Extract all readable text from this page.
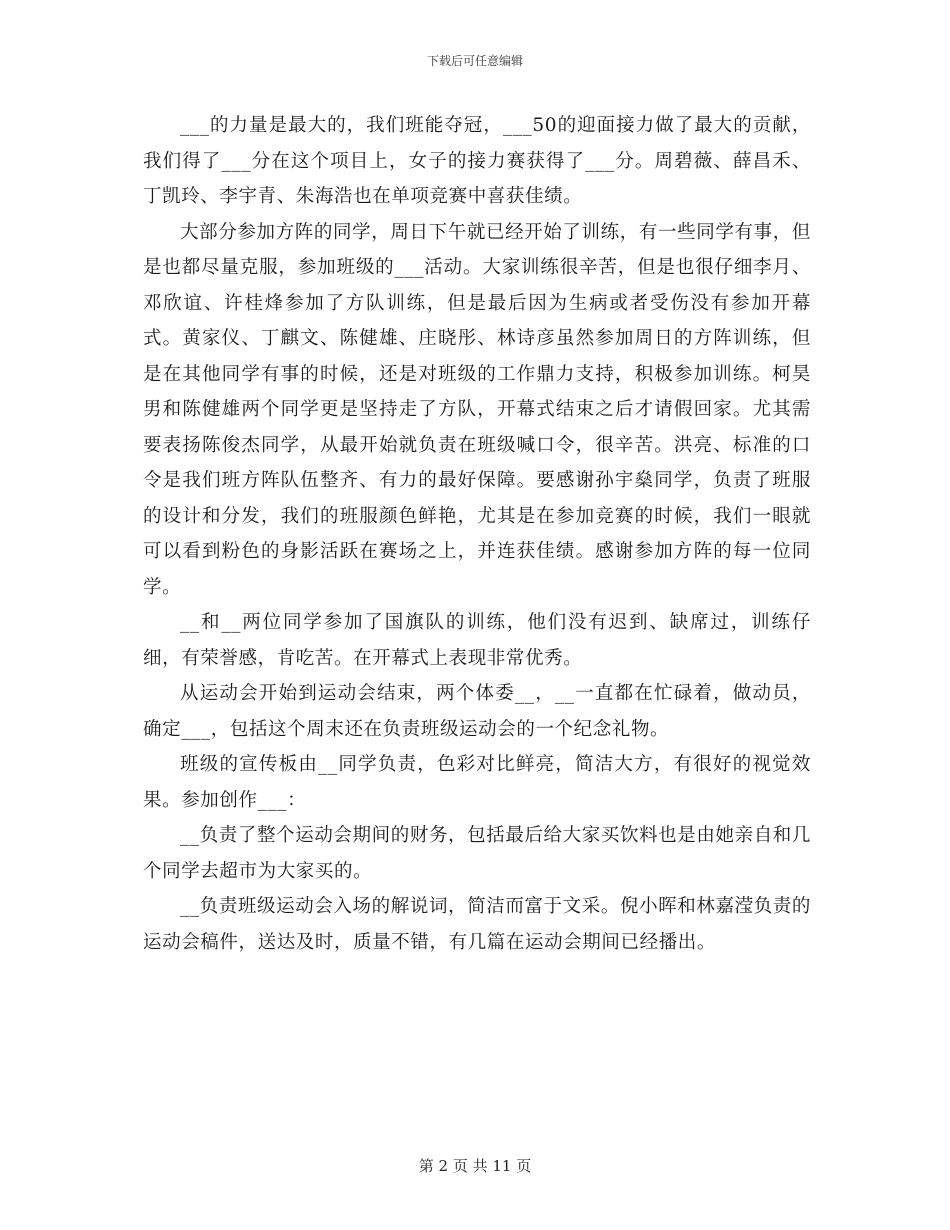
下载后可任意编辑

___的力量是最大的，我们班能夺冠，___50的迎面接力做了最大的贡献，我们得了___分在这个项目上，女子的接力赛获得了___分。周碧薇、薛昌禾、丁凯玲、李宇青、朱海浩也在单项竞赛中喜获佳绩。

大部分参加方阵的同学，周日下午就已经开始了训练，有一些同学有事，但是也都尽量克服，参加班级的___活动。大家训练很辛苦，但是也很仔细李月、邓欣谊、许桂烽参加了方队训练，但是最后因为生病或者受伤没有参加开幕式。黄家仪、丁麒文、陈健雄、庄晓彤、林诗彦虽然参加周日的方阵训练，但是在其他同学有事的时候，还是对班级的工作鼎力支持，积极参加训练。柯昊男和陈健雄两个同学更是坚持走了方队，开幕式结束之后才请假回家。尤其需要表扬陈俊杰同学，从最开始就负责在班级喊口令，很辛苦。洪亮、标准的口令是我们班方阵队伍整齐、有力的最好保障。要感谢孙宇燊同学，负责了班服的设计和分发，我们的班服颜色鲜艳，尤其是在参加竞赛的时候，我们一眼就可以看到粉色的身影活跃在赛场之上，并连获佳绩。感谢参加方阵的每一位同学。

__和__两位同学参加了国旗队的训练，他们没有迟到、缺席过，训练仔细，有荣誉感，肯吃苦。在开幕式上表现非常优秀。

从运动会开始到运动会结束，两个体委__，__一直都在忙碌着，做动员，确定___，包括这个周末还在负责班级运动会的一个纪念礼物。

班级的宣传板由__同学负责，色彩对比鲜亮，简洁大方，有很好的视觉效果。参加创作___：

__负责了整个运动会期间的财务，包括最后给大家买饮料也是由她亲自和几个同学去超市为大家买的。

__负责班级运动会入场的解说词，简洁而富于文采。倪小晖和林嘉滢负责的运动会稿件，送达及时，质量不错，有几篇在运动会期间已经播出。

第 2 页 共 11 页
